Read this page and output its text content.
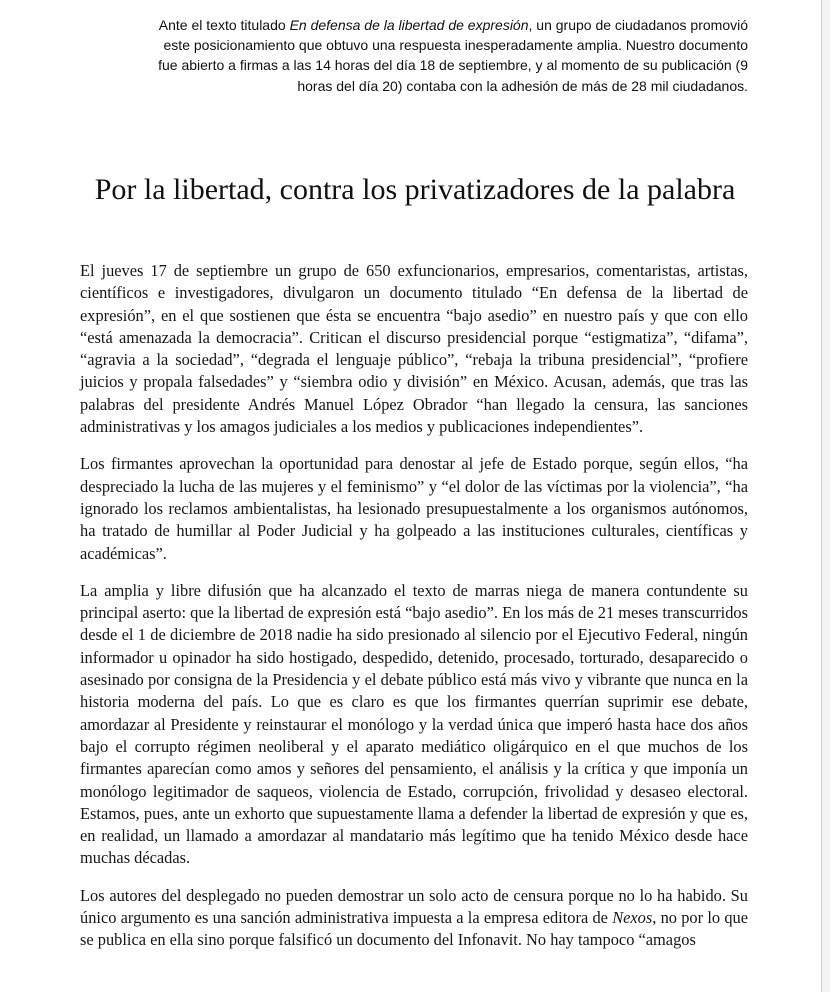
Ante el texto titulado En defensa de la libertad de expresión, un grupo de ciudadanos promovió este posicionamiento que obtuvo una respuesta inesperadamente amplia. Nuestro documento fue abierto a firmas a las 14 horas del día 18 de septiembre, y al momento de su publicación (9 horas del día 20) contaba con la adhesión de más de 28 mil ciudadanos.

Por la libertad, contra los privatizadores de la palabra

El jueves 17 de septiembre un grupo de 650 exfuncionarios, empresarios, comentaristas, artistas, científicos e investigadores, divulgaron un documento titulado “En defensa de la libertad de expresión”, en el que sostienen que ésta se encuentra “bajo asedio” en nuestro país y que con ello “está amenazada la democracia”. Critican el discurso presidencial porque “estigmatiza”, “difama”, “agravia a la sociedad”, “degrada el lenguaje público”, “rebaja la tribuna presidencial”, “profiere juicios y propala falsedades” y “siembra odio y división” en México. Acusan, además, que tras las palabras del presidente Andrés Manuel López Obrador “han llegado la censura, las sanciones administrativas y los amagos judiciales a los medios y publicaciones independientes”.

Los firmantes aprovechan la oportunidad para denostar al jefe de Estado porque, según ellos, “ha despreciado la lucha de las mujeres y el feminismo” y “el dolor de las víctimas por la violencia”, “ha ignorado los reclamos ambientalistas, ha lesionado presupuestalmente a los organismos autónomos, ha tratado de humillar al Poder Judicial y ha golpeado a las instituciones culturales, científicas y académicas”.

La amplia y libre difusión que ha alcanzado el texto de marras niega de manera contundente su principal aserto: que la libertad de expresión está “bajo asedio”. En los más de 21 meses transcurridos desde el 1 de diciembre de 2018 nadie ha sido presionado al silencio por el Ejecutivo Federal, ningún informador u opinador ha sido hostigado, despedido, detenido, procesado, torturado, desaparecido o asesinado por consigna de la Presidencia y el debate público está más vivo y vibrante que nunca en la historia moderna del país. Lo que es claro es que los firmantes querrían suprimir ese debate, amordazar al Presidente y reinstaurar el monólogo y la verdad única que imperó hasta hace dos años bajo el corrupto régimen neoliberal y el aparato mediático oligárquico en el que muchos de los firmantes aparecían como amos y señores del pensamiento, el análisis y la crítica y que imponía un monólogo legitimador de saqueos, violencia de Estado, corrupción, frivolidad y desaseo electoral. Estamos, pues, ante un exhorto que supuestamente llama a defender la libertad de expresión y que es, en realidad, un llamado a amordazar al mandatario más legítimo que ha tenido México desde hace muchas décadas.

Los autores del desplegado no pueden demostrar un solo acto de censura porque no lo ha habido. Su único argumento es una sanción administrativa impuesta a la empresa editora de Nexos, no por lo que se publica en ella sino porque falsificó un documento del Infonavit. No hay tampoco “amagos
